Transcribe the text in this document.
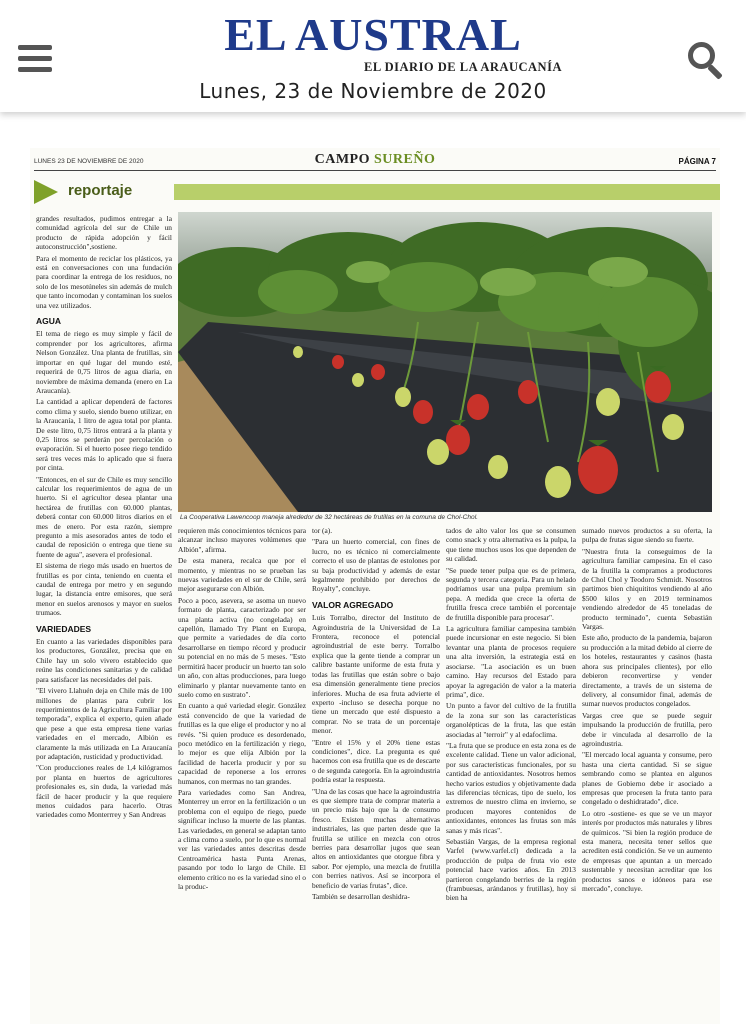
EL AUSTRAL
EL DIARIO DE LA ARAUCANÍA
Lunes, 23 de Noviembre de 2020
LUNES 23 DE NOVIEMBRE DE 2020	CAMPO SUREÑO	PÁGINA 7
reportaje
La Cooperativa Lawencoop maneja alrededor de 32 hectáreas de frutillas en la comuna de Chol-Chol.

grandes resultados, pudimos entregar a la comunidad agrícola del sur de Chile un producto de rápida adopción y fácil autoconstrucción",sostiene.

Para el momento de reciclar los plásticos, ya está en conversaciones con una fundación para coordinar la entrega de los residuos, no solo de los mesotúneles sin además de mulch que tanto incomodan y contaminan los suelos una vez utilizados.

AGUA

El tema de riego es muy simple y fácil de comprender por los agricultores, afirma Nelson González. Una planta de frutillas, sin importar en qué lugar del mundo esté, requerirá de 0,75 litros de agua diaria, en noviembre de máxima demanda (enero en La Araucanía).

La cantidad a aplicar dependerá de factores como clima y suelo, siendo bueno utilizar, en la Araucanía, 1 litro de agua total por planta. De este litro, 0,75 litros entrará a la planta y 0,25 litros se perderán por percolación o evaporación. Si el huerto posee riego tendido será tres veces más lo aplicado que si fuera por cinta.

"Entonces, en el sur de Chile es muy sencillo calcular los requerimientos de agua de un huerto. Si el agricultor desea plantar una hectárea de frutillas con 60.000 plantas, deberá contar con 60.000 litros diarios en el mes de enero. Por esta razón, siempre pregunto a mis asesorados antes de todo el caudal de reposición o entrega que tiene su fuente de agua", asevera el profesional.

El sistema de riego más usado en huertos de frutillas es por cinta, teniendo en cuenta el caudal de entrega por metro y en segundo lugar, la distancia entre emisores, que será menor en suelos arenosos y mayor en suelos trumaos.

VARIEDADES

En cuanto a las variedades disponibles para los productores, González, precisa que en Chile hay un solo vivero establecido que reúne las condiciones sanitarias y de calidad para satisfacer las necesidades del país.

"El vivero Llahuén deja en Chile más de 100 millones de plantas para cubrir los requerimientos de la Agricultura Familiar por temporada", explica el experto, quien añade que pese a que esta empresa tiene varias variedades en el mercado, Albión es claramente la más utilizada en La Araucanía por adaptación, rusticidad y productividad.

"Con producciones reales de 1,4 kilógramos por planta en huertos de agricultores profesionales es, sin duda, la variedad más fácil de hacer producir y la que requiere menos cuidados para hacerlo. Otras variedades como Monterrrey y San Andreas

requieren más conocimientos técnicos para alcanzar incluso mayores volúmenes que Albión", afirma.

De esta manera, recalca que por el momento, y mientras no se prueban las nuevas variedades en el sur de Chile, será mejor asegurarse con Albión.

Poco a poco, asevera, se asoma un nuevo formato de planta, caracterizado por ser una planta activa (no congelada) en capellón, llamado Try Plant en Europa, que permite a variedades de día corto desarrollarse en tiempo récord y producir su potencial en no más de 5 meses. "Esto permitirá hacer producir un huerto tan solo un año, con altas producciones, para luego eliminarlo y plantar nuevamente tanto en suelo como en sustrato".

En cuanto a qué variedad elegir. González está convencido de que la variedad de frutillas es la que elige el productor y no al revés. "Si quien produce es desordenado, poco metódico en la fertilización y riego, lo mejor es que elija Albión por la facilidad de hacerla producir y por su capacidad de reponerse a los errores humanos, con mermas no tan grandes.

Para variedades como San Andrea, Monterrey un error en la fertilización o un problema con el equipo de riego, puede significar incluso la muerte de las plantas. Las variedades, en general se adaptan tanto a clima como a suelo, por lo que es normal ver las variedades antes descritas desde Centroamérica hasta Punta Arenas, pasando por todo lo largo de Chile. El elemento crítico no es la variedad sino el o la produc-

tor (a).

"Para un huerto comercial, con fines de lucro, no es técnico ni comercialmente correcto el uso de plantas de estolones por su baja productividad y además de estar legalmente prohibido por derechos de Royalty", concluye.

VALOR AGREGADO

Luis Torralbo, director del Instituto de Agroindustria de la Universidad de La Frontera, reconoce el potencial agroindustrial de este berry. Torralbo explica que la gente tiende a comprar un calibre bastante uniforme de esta fruta y todas las frutillas que están sobre o bajo esa dimensión generalmente tiene precios inferiores. Mucha de esa fruta advierte el experto -incluso se desecha porque no tiene un mercado que esté dispuesto a comprar. No se trata de un porcentaje menor.

"Entre el 15% y el 20% tiene estas condiciones", dice. La pregunta es qué hacemos con esa frutilla que es de descarte o de segunda categoría. En la agroindustria podría estar la respuesta.

"Una de las cosas que hace la agroindustria es que siempre trata de comprar materia a un precio más bajo que la de consumo fresco. Existen muchas alternativas industriales, las que parten desde que la frutilla se utilice en mezcla con otros berries para desarrollar jugos que sean altos en antioxidantes que otorgue fibra y sabor. Por ejemplo, una mezcla de frutilla con berries nativos. Así se incorpora el beneficio de varias frutas", dice.

También se desarrollan deshidra-

tados de alto valor los que se consumen como snack y otra alternativa es la pulpa, la que tiene muchos usos los que dependen de su calidad.

"Se puede tener pulpa que es de primera, segunda y tercera categoría. Para un helado podríamos usar una pulpa premium sin pepa. A medida que crece la oferta de frutilla fresca crece también el porcentaje de frutilla disponible para procesar".

La agricultura familiar campesina también puede incursionar en este negocio. Si bien levantar una planta de procesos requiere una alta inversión, la estrategia está en asociarse. "La asociación es un buen camino. Hay recursos del Estado para apoyar la agregación de valor a la materia prima", dice.

Un punto a favor del cultivo de la frutilla de la zona sur son las características organolépticas de la fruta, las que están asociadas al "terroir" y al edafoclima.

"La fruta que se produce en esta zona es de excelente calidad. Tiene un valor adicional, por sus características funcionales, por su cantidad de antioxidantes. Nosotros hemos hecho varios estudios y objetivamente dada las diferencias técnicas, tipo de suelo, los extremos de nuestro clima en invierno, se producen mayores contenidos de antioxidantes, entonces las frutas son más sanas y más ricas".

Sebastián Vargas, de la empresa regional Varfel (www.varfel.cl) dedicada a la producción de pulpa de fruta vio este potencial hace varios años. En 2013 partieron congelando berries de la región (frambuesas, arándanos y frutillas), hoy si bien ha

sumado nuevos productos a su oferta, la pulpa de frutas sigue siendo su fuerte.

"Nuestra fruta la conseguimos de la agricultura familiar campesina. En el caso de la frutilla la compramos a productores de Chol Chol y Teodoro Schmidt. Nosotros partimos bien chiquititos vendiendo al año $500 kilos y en 2019 terminamos vendiendo alrededor de 45 toneladas de producto terminado", cuenta Sebastián Vargas.

Este año, producto de la pandemia, bajaron su producción a la mitad debido al cierre de los hoteles, restaurantes y casinos (hasta ahora sus principales clientes), por ello debieron reconvertirse y vender directamente, a través de un sistema de delivery, al consumidor final, además de sumar nuevos productos congelados.

Vargas cree que se puede seguir impulsando la producción de frutilla, pero debe ir vinculada al desarrollo de la agroindustria.

"El mercado local aguanta y consume, pero hasta una cierta cantidad. Si se sigue sembrando como se plantea en algunos planes de Gobierno debe ir asociado a empresas que procesen la fruta tanto para congelado o deshidratado", dice.

Lo otro -sostiene- es que se ve un mayor interés por productos más naturales y libres de químicos. "Si bien la región produce de esta manera, necesita tener sellos que acrediten está condición. Se ve un aumento de empresas que apuntan a un mercado sustentable y necesitan acreditar que los productos sanos e idóneos para ese mercado", concluye.
